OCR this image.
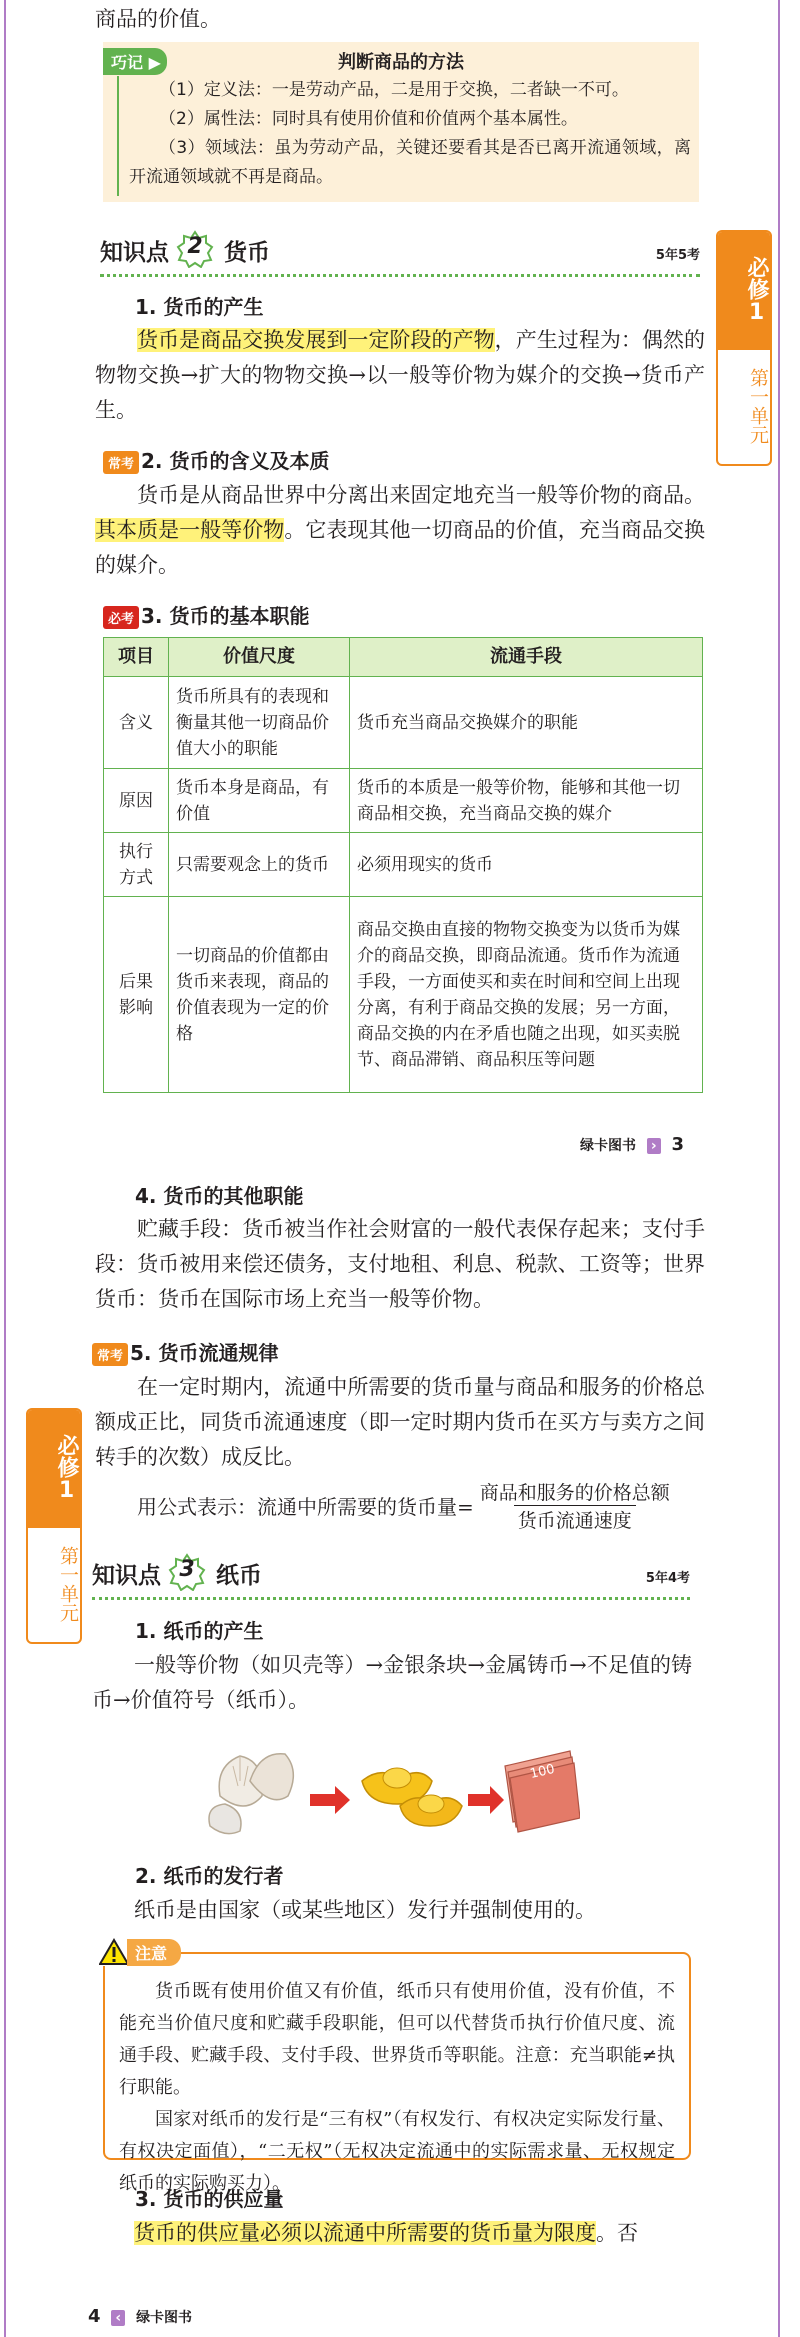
商品的价值。

巧记 ▶	判断商品的方法
（1）定义法：一是劳动产品，二是用于交换，二者缺一不可。
（2）属性法：同时具有使用价值和价值两个基本属性。
（3）领域法：虽为劳动产品，关键还要看其是否已离开流通领域，离开流通领域就不再是商品。
知识点 2 货币	5年5考	必修1
第一单元
1. 货币的产生

货币是商品交换发展到一定阶段的产物，产生过程为：偶然的物物交换→扩大的物物交换→以一般等价物为媒介的交换→货币产生。

常考 2. 货币的含义及本质

货币是从商品世界中分离出来固定地充当一般等价物的商品。其本质是一般等价物。它表现其他一切商品的价值，充当商品交换的媒介。

必考 3. 货币的基本职能
项目	价值尺度	流通手段
含义	货币所具有的表现和衡量其他一切商品价值大小的职能	货币充当商品交换媒介的职能
原因	货币本身是商品，有价值	货币的本质是一般等价物，能够和其他一切商品相交换，充当商品交换的媒介
执行方式	只需要观念上的货币	必须用现实的货币
后果影响	一切商品的价值都由货币来表现，商品的价值表现为一定的价格	商品交换由直接的物物交换变为以货币为媒介的商品交换，即商品流通。货币作为流通手段，一方面使买和卖在时间和空间上出现分离，有利于商品交换的发展；另一方面，商品交换的内在矛盾也随之出现，如买卖脱节、商品滞销、商品积压等问题
绿卡图书 › 3
4. 货币的其他职能

贮藏手段：货币被当作社会财富的一般代表保存起来；支付手段：货币被用来偿还债务，支付地租、利息、税款、工资等；世界货币：货币在国际市场上充当一般等价物。

常考 5. 货币流通规律

在一定时期内，流通中所需要的货币量与商品和服务的价格总额成正比，同货币流通速度（即一定时期内货币在买方与卖方之间转手的次数）成反比。

用公式表示：流通中所需要的货币量=
商品和服务的价格总额
货币流通速度
必修1
第一单元 知识点 3 纸币	5年4考
1. 纸币的产生

一般等价物（如贝壳等）→金银条块→金属铸币→不足值的铸币→价值符号（纸币）。

100
2. 纸币的发行者

纸币是由国家（或某些地区）发行并强制使用的。

注意

货币既有使用价值又有价值，纸币只有使用价值，没有价值，不能充当价值尺度和贮藏手段职能，但可以代替货币执行价值尺度、流通手段、贮藏手段、支付手段、世界货币等职能。注意：充当职能≠执行职能。

国家对纸币的发行是“三有权”（有权发行、有权决定实际发行量、有权决定面值），“二无权”（无权决定流通中的实际需求量、无权规定纸币的实际购买力）。

3. 货币的供应量

货币的供应量必须以流通中所需要的货币量为限度。否

4 ‹ 绿卡图书
